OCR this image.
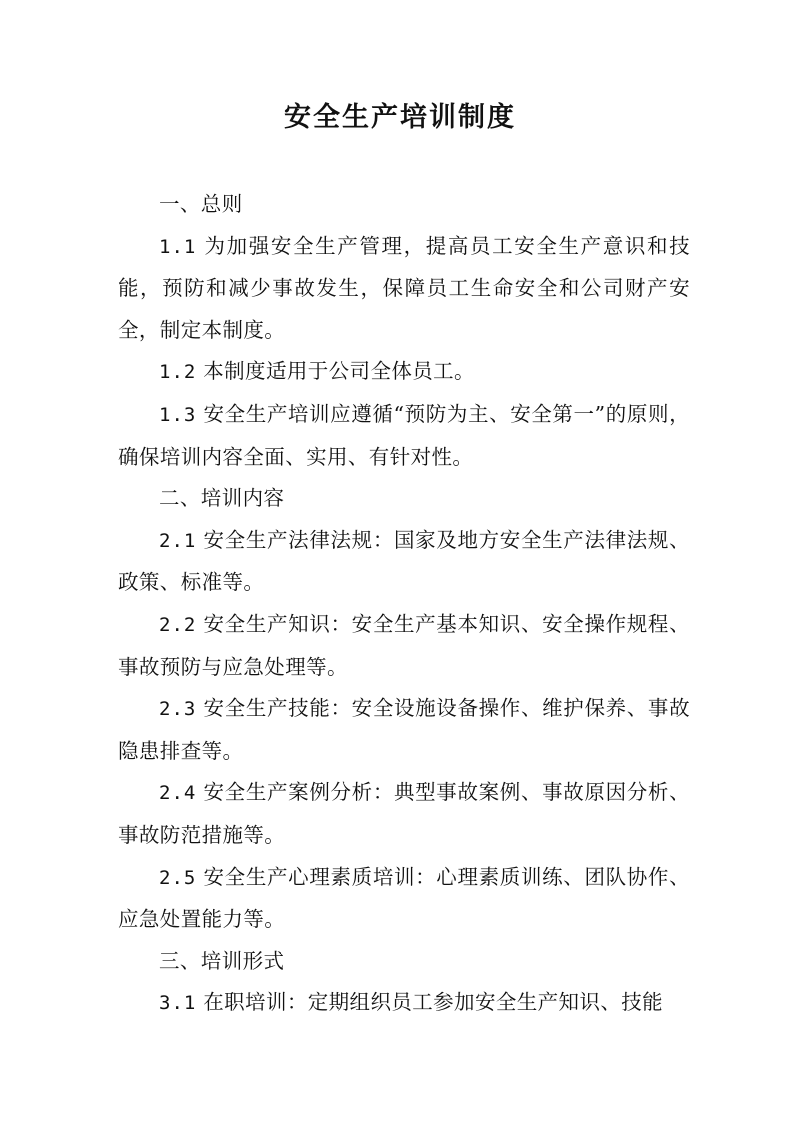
安全生产培训制度

一、总则

1.1 为加强安全生产管理，提高员工安全生产意识和技能，预防和减少事故发生，保障员工生命安全和公司财产安全，制定本制度。

1.2 本制度适用于公司全体员工。

1.3 安全生产培训应遵循“预防为主、安全第一”的原则，确保培训内容全面、实用、有针对性。

二、培训内容

2.1 安全生产法律法规：国家及地方安全生产法律法规、政策、标准等。

2.2 安全生产知识：安全生产基本知识、安全操作规程、事故预防与应急处理等。

2.3 安全生产技能：安全设施设备操作、维护保养、事故隐患排查等。

2.4 安全生产案例分析：典型事故案例、事故原因分析、事故防范措施等。

2.5 安全生产心理素质培训：心理素质训练、团队协作、应急处置能力等。

三、培训形式

3.1 在职培训：定期组织员工参加安全生产知识、技能
